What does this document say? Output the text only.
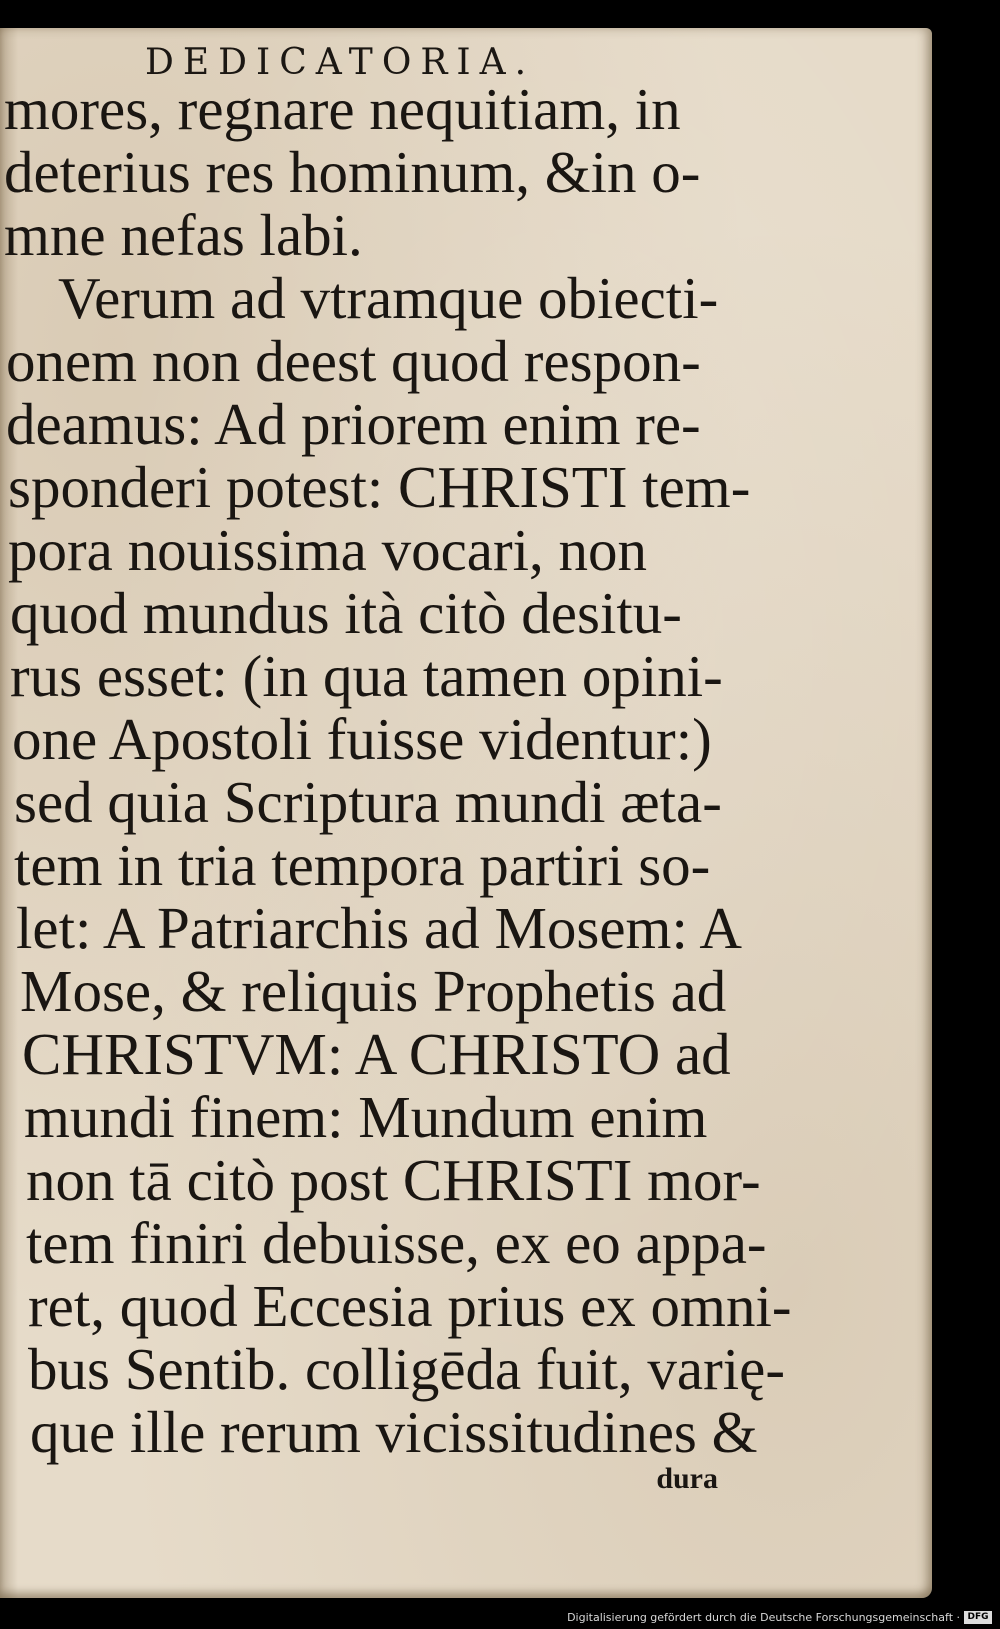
DEDICATORIA.
mores, regnare nequitiam, in
deterius res hominum, &in o-
mne nefas labi.
Verum ad vtramque obiecti-
onem non deest quod respon-
deamus: Ad priorem enim re-
sponderi potest: CHRISTI tem-
pora nouissima vocari, non
quod mundus ità citò desitu-
rus esset: (in qua tamen opini-
one Apostoli fuisse videntur:)
sed quia Scriptura mundi æta-
tem in tria tempora partiri so-
let: A Patriarchis ad Mosem: A
Mose, & reliquis Prophetis ad
CHRISTVM: A CHRISTO ad
mundi finem: Mundum enim
non tā citò post CHRISTI mor-
tem finiri debuisse, ex eo appa-
ret, quod Eccesia prius ex omni-
bus Sentib. colligēda fuit, varię-
que ille rerum vicissitudines &
dura
Digitalisierung gefördert durch die Deutsche Forschungsgemeinschaft · DFG
